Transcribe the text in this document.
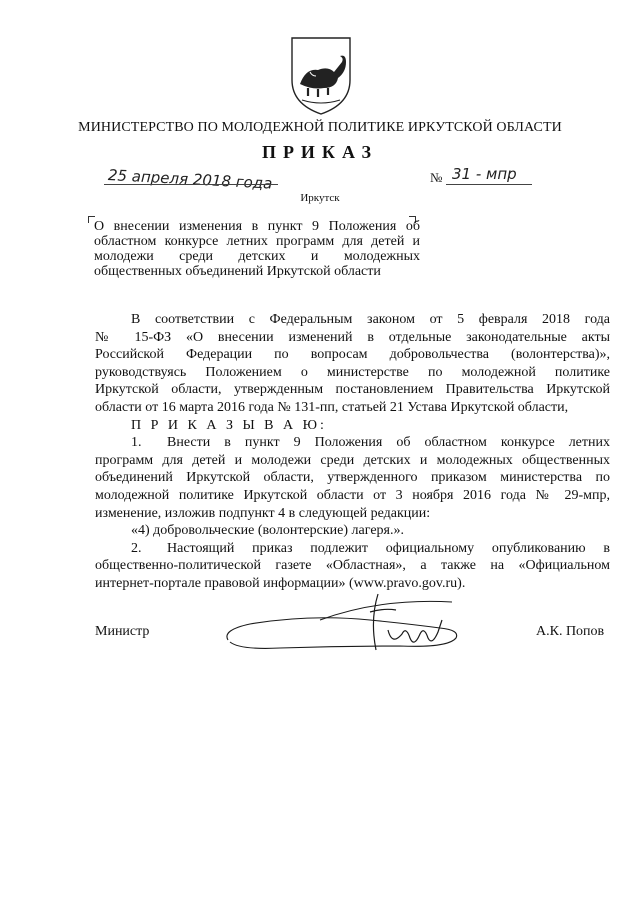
МИНИСТЕРСТВО ПО МОЛОДЕЖНОЙ ПОЛИТИКЕ ИРКУТСКОЙ ОБЛАСТИ
ПРИКАЗ
25 апреля 2018 года	№ 31 - мпр
Иркутск
О внесении изменения в пункт 9 Положения об
областном конкурсе летних программ для детей и
молодежи среди детских и молодежных
общественных объединений Иркутской области
В соответствии с Федеральным законом от 5 февраля 2018 года
№ 15-ФЗ «О внесении изменений в отдельные законодательные акты
Российской Федерации по вопросам добровольчества (волонтерства)»,
руководствуясь Положением о министерстве по молодежной политике
Иркутской области, утвержденным постановлением Правительства Иркутской
области от 16 марта 2016 года № 131-пп, статьей 21 Устава Иркутской области,
П Р И К А З Ы В А Ю:
1. Внести в пункт 9 Положения об областном конкурсе летних
программ для детей и молодежи среди детских и молодежных общественных
объединений Иркутской области, утвержденного приказом министерства по
молодежной политике Иркутской области от 3 ноября 2016 года № 29-мпр,
изменение, изложив подпункт 4 в следующей редакции:
«4) добровольческие (волонтерские) лагеря.».
2. Настоящий приказ подлежит официальному опубликованию в
общественно-политической газете «Областная», а также на «Официальном
интернет-портале правовой информации» (www.pravo.gov.ru).
Министр	А.К. Попов
